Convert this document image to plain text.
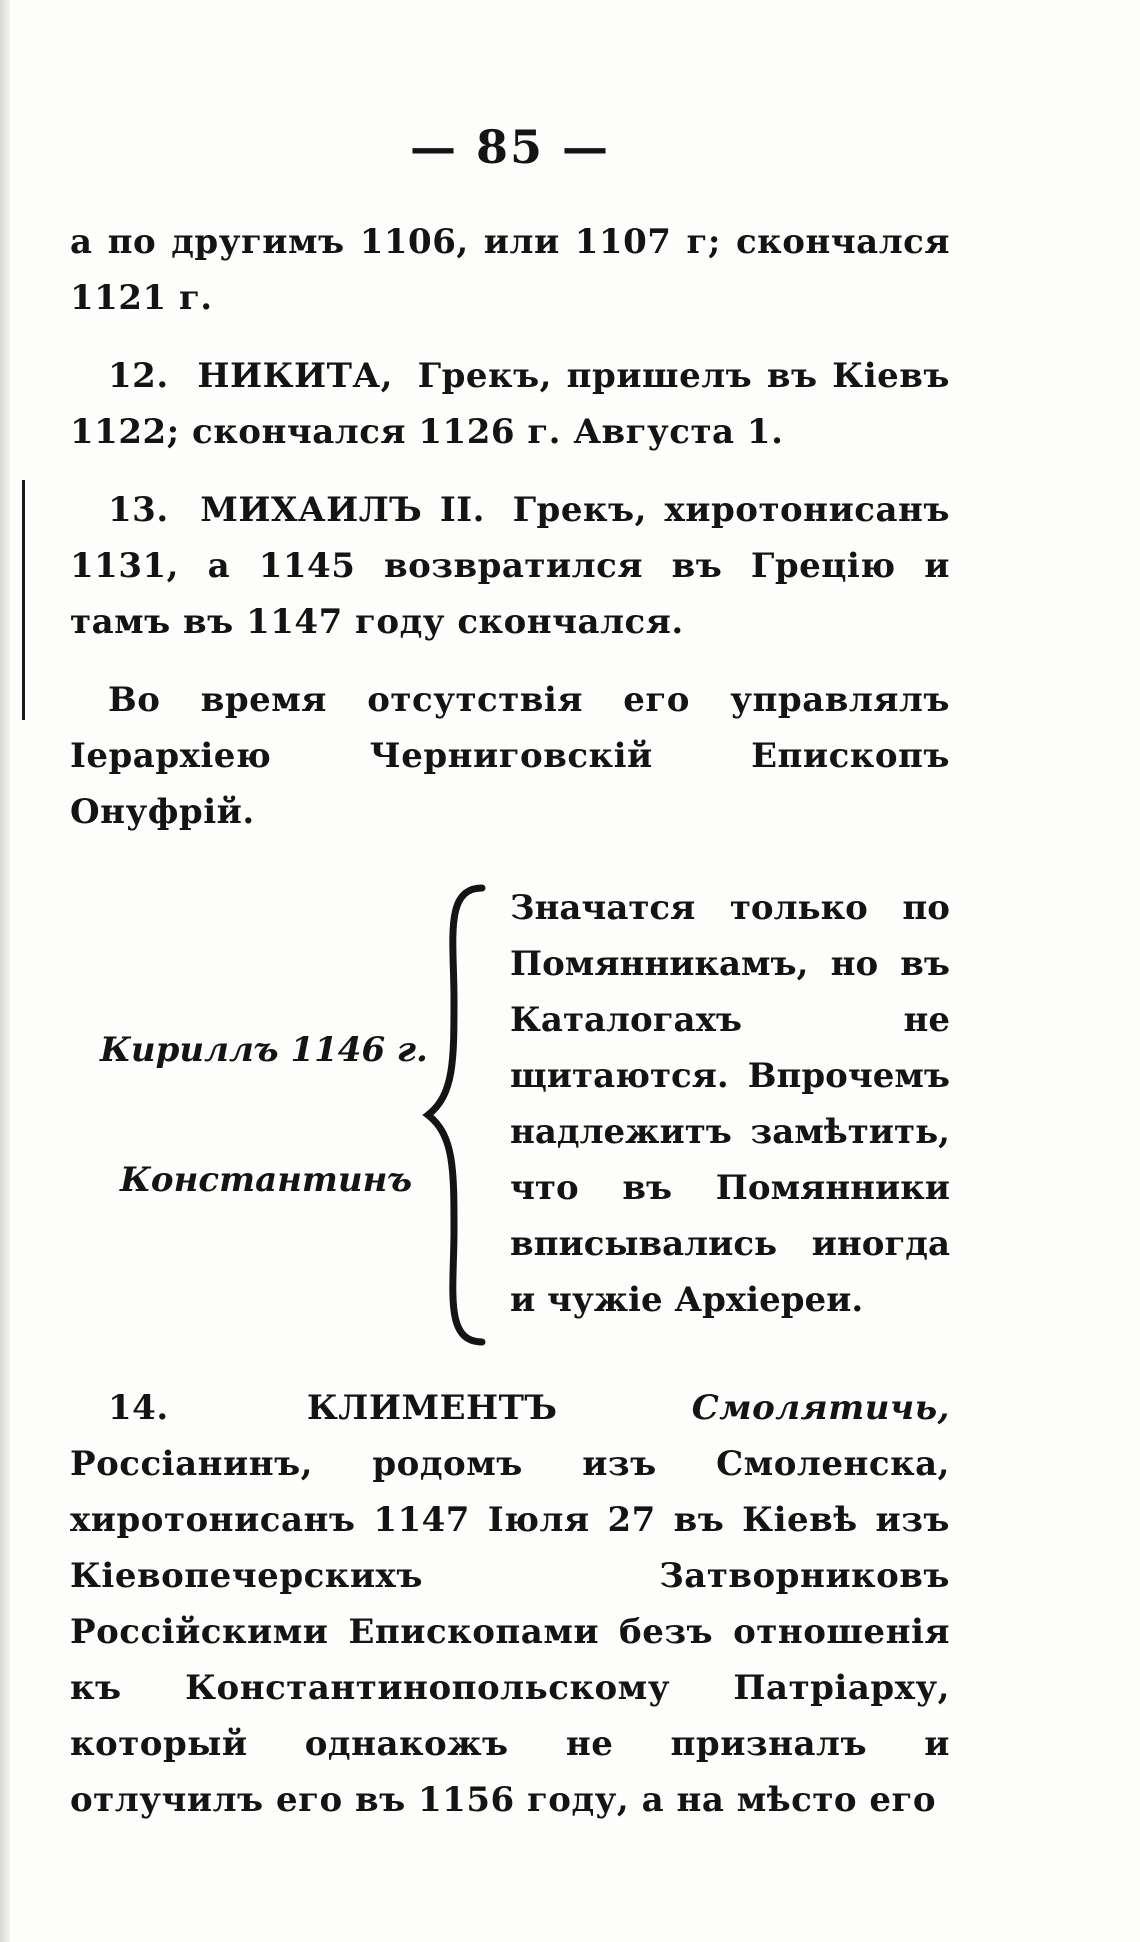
— 85 —

а по другимъ 1106, или 1107 г; скончался 1121 г.

12. НИКИТА, Грекъ, пришелъ въ Кіевъ 1122; скончался 1126 г. Августа 1.

13. МИХАИЛЪ II. Грекъ, хиротонисанъ 1131, а 1145 возвратился въ Грецію и тамъ въ 1147 году скончался.

Во время отсутствія его управлялъ Іерархіею Черниговскій Епископъ Онуфрій.

Кириллъ 1146 г.
Константинъ
Значатся только по Помянникамъ, но въ Каталогахъ не щитаются. Впрочемъ надлежитъ замѣтить, что въ Помянники вписывались иногда и чужіе Архіереи.

14.	КЛИМЕНТЪ	Смолятичь, Россіанинъ, родомъ изъ Смоленска, хиротонисанъ 1147 Іюля 27 въ Кіевѣ изъ Кіевопечерскихъ Затворниковъ Россійскими Епископами безъ отношенія къ Константинопольскому Патріарху, который однакожъ не призналъ и отлучилъ его въ 1156 году, а на мѣсто его
